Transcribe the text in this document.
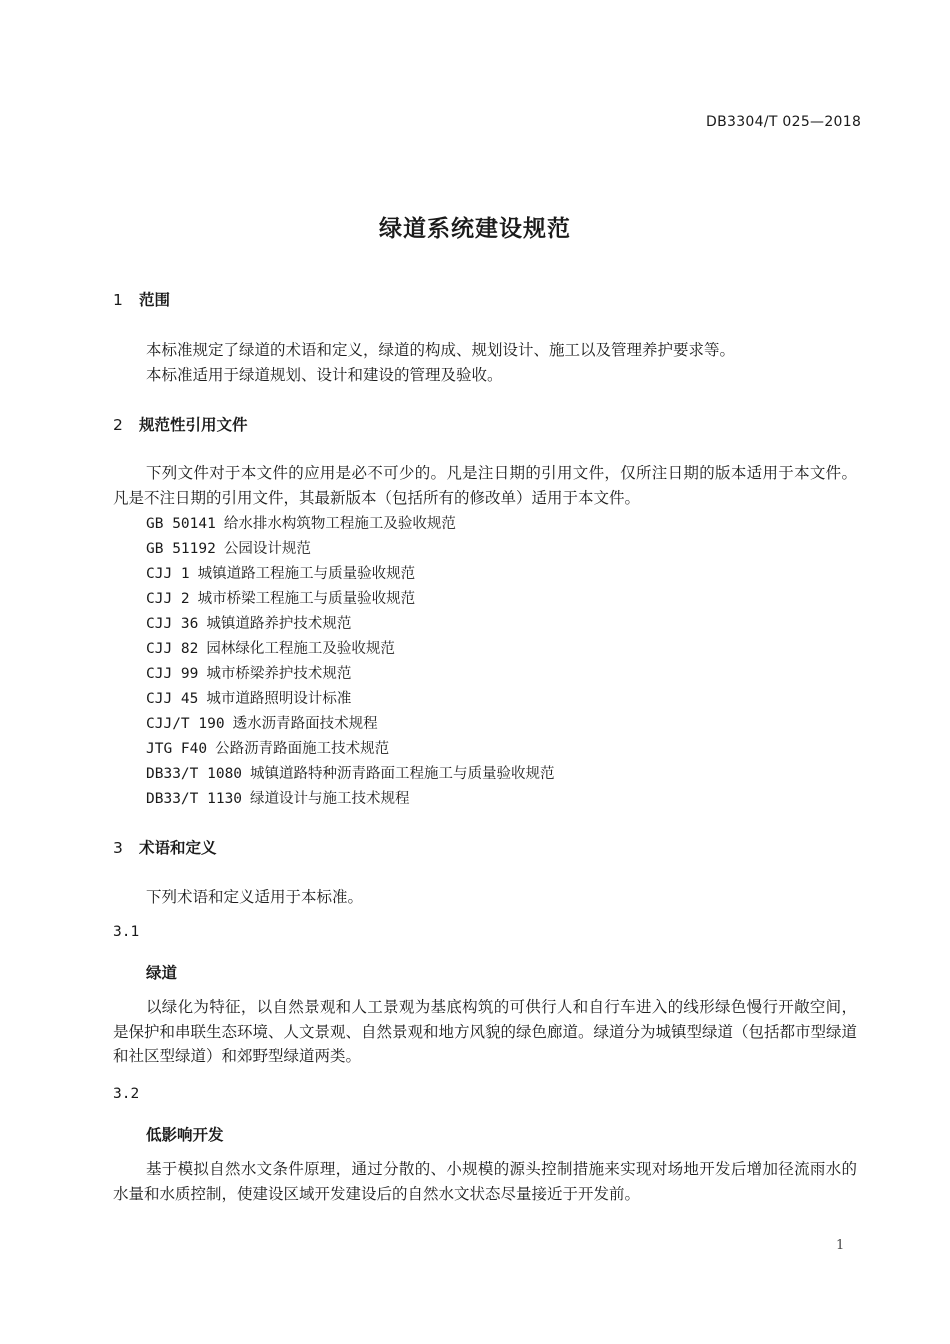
DB3304/T 025—2018
绿道系统建设规范
1 范围
本标准规定了绿道的术语和定义，绿道的构成、规划设计、施工以及管理养护要求等。
本标准适用于绿道规划、设计和建设的管理及验收。
2 规范性引用文件
下列文件对于本文件的应用是必不可少的。凡是注日期的引用文件，仅所注日期的版本适用于本文件。凡是不注日期的引用文件，其最新版本（包括所有的修改单）适用于本文件。
GB 50141 给水排水构筑物工程施工及验收规范
GB 51192 公园设计规范
CJJ 1 城镇道路工程施工与质量验收规范
CJJ 2 城市桥梁工程施工与质量验收规范
CJJ 36 城镇道路养护技术规范
CJJ 82 园林绿化工程施工及验收规范
CJJ 99 城市桥梁养护技术规范
CJJ 45 城市道路照明设计标准
CJJ/T 190 透水沥青路面技术规程
JTG F40 公路沥青路面施工技术规范
DB33/T 1080 城镇道路特种沥青路面工程施工与质量验收规范
DB33/T 1130 绿道设计与施工技术规程
3 术语和定义
下列术语和定义适用于本标准。
3.1
绿道
以绿化为特征，以自然景观和人工景观为基底构筑的可供行人和自行车进入的线形绿色慢行开敞空间，是保护和串联生态环境、人文景观、自然景观和地方风貌的绿色廊道。绿道分为城镇型绿道（包括都市型绿道和社区型绿道）和郊野型绿道两类。
3.2
低影响开发
基于模拟自然水文条件原理，通过分散的、小规模的源头控制措施来实现对场地开发后增加径流雨水的水量和水质控制，使建设区域开发建设后的自然水文状态尽量接近于开发前。
1
